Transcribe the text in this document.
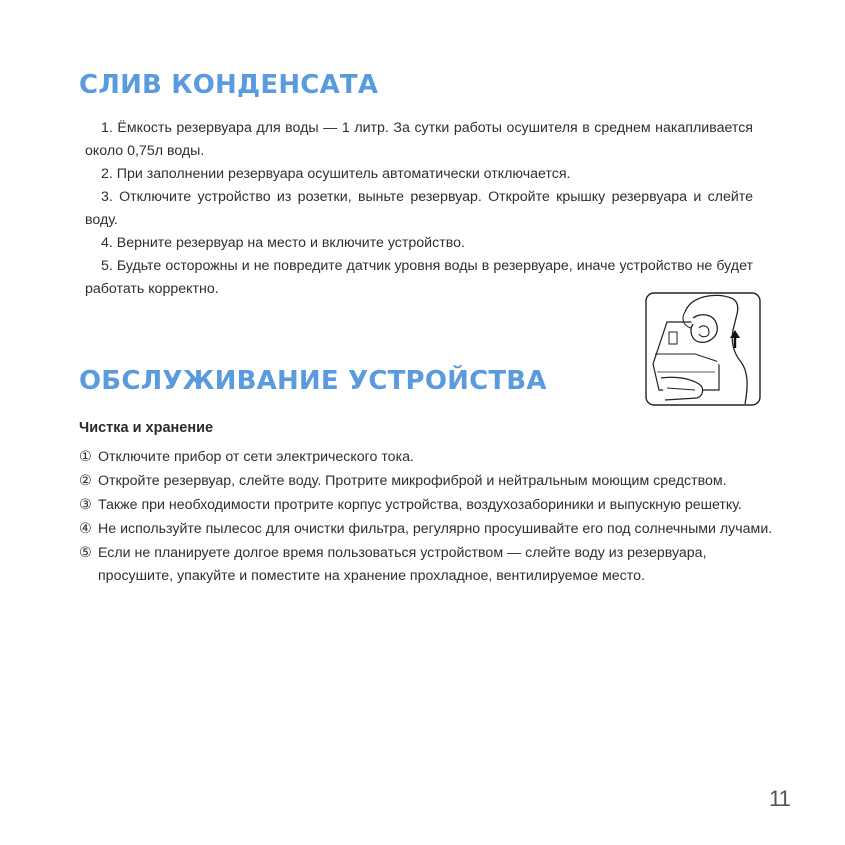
СЛИВ КОНДЕНСАТА

1. Ёмкость резервуара для воды — 1 литр. За сутки работы осушителя в среднем накапливается около 0,75л воды.

2. При заполнении резервуара осушитель автоматически отключается.

3. Отключите устройство из розетки, выньте резервуар. Откройте крышку резервуара и слейте воду.

4. Верните резервуар на место и включите устройство.

5. Будьте осторожны и не повредите датчик уровня воды в резервуаре, иначе устройство не будет работать корректно.

ОБСЛУЖИВАНИЕ УСТРОЙСТВА
Чистка и хранение
① Отключите прибор от сети электрического тока.
② Откройте резервуар, слейте воду. Протрите микрофиброй и нейтральным моющим средством.
③ Также при необходимости протрите корпус устройства, воздухозабориники и выпускную решетку.
④ Не используйте пылесос для очистки фильтра, регулярно просушивайте его под солнечными лучами.
⑤ Если не планируете долгое время пользоваться устройством — слейте воду из резервуара, просушите, упакуйте и поместите на хранение прохладное, вентилируемое место.
11
